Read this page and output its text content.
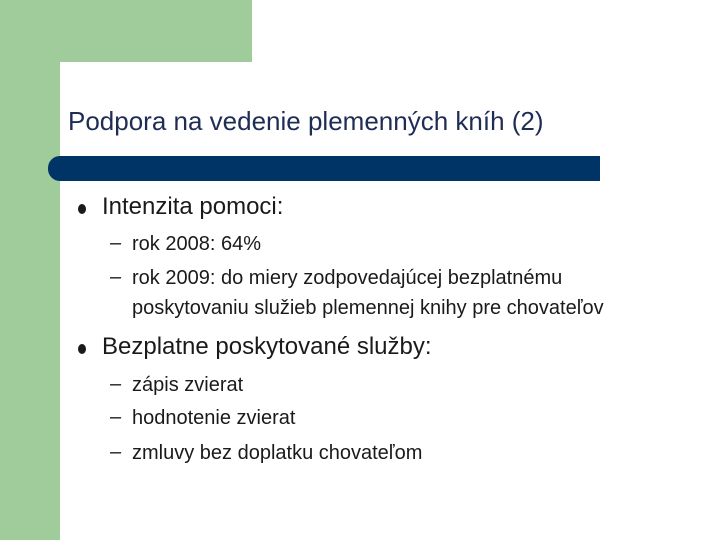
Podpora na vedenie plemenných kníh (2)
Intenzita pomoci:
– rok 2008: 64%
– rok 2009: do miery zodpovedajúcej bezplatnému
poskytovaniu služieb plemennej knihy pre chovateľov
Bezplatne poskytované služby:
– zápis zvierat
– hodnotenie zvierat
– zmluvy bez doplatku chovateľom
